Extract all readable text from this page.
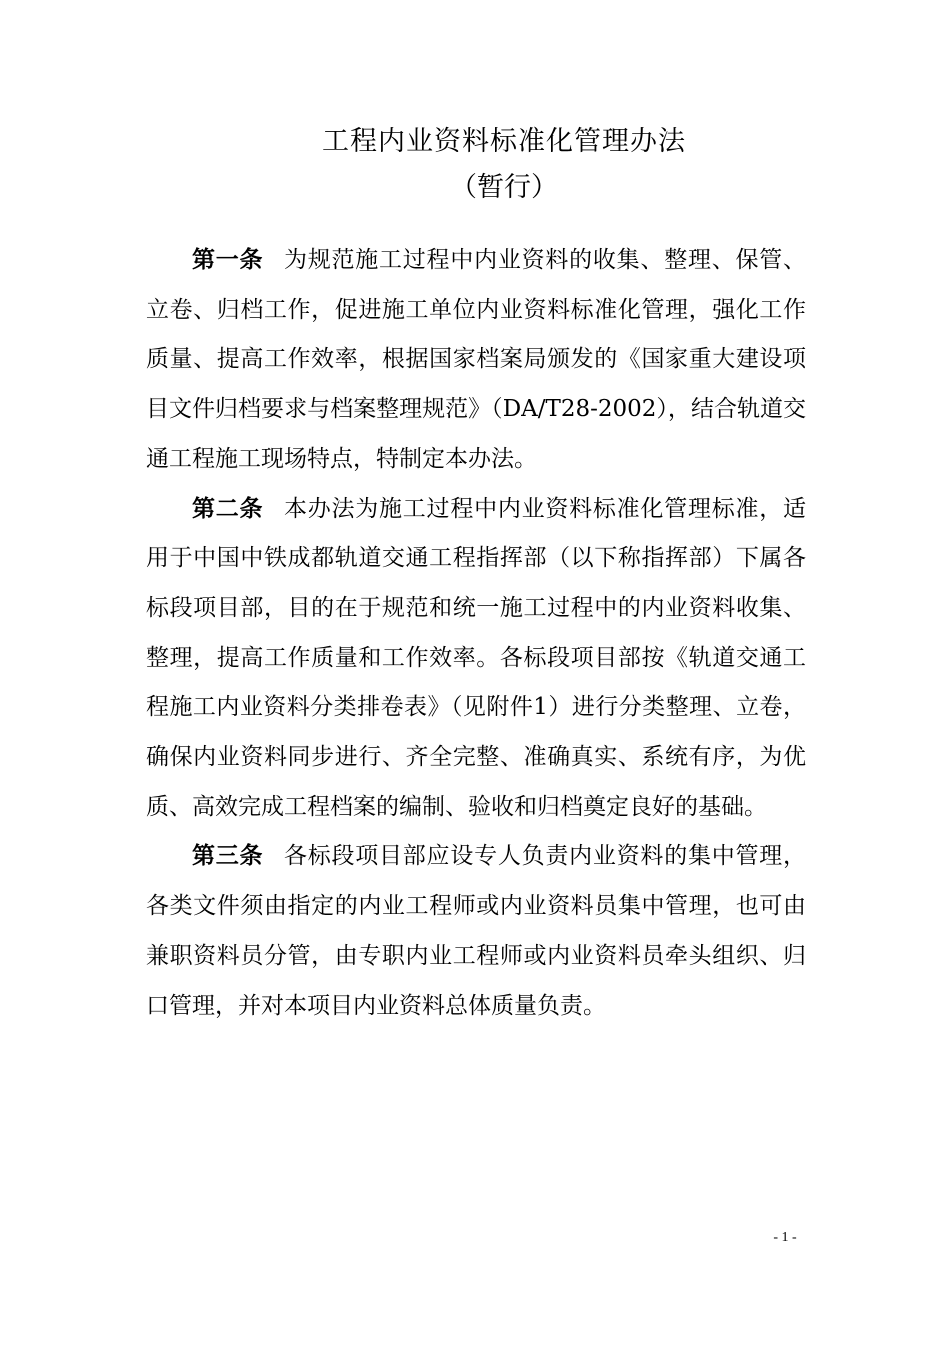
工程内业资料标准化管理办法
（暂行）

第一条 为规范施工过程中内业资料的收集、整理、保管、立卷、归档工作，促进施工单位内业资料标准化管理，强化工作质量、提高工作效率，根据国家档案局颁发的《国家重大建设项目文件归档要求与档案整理规范》（DA/T28-2002），结合轨道交通工程施工现场特点，特制定本办法。

第二条 本办法为施工过程中内业资料标准化管理标准，适用于中国中铁成都轨道交通工程指挥部（以下称指挥部）下属各标段项目部，目的在于规范和统一施工过程中的内业资料收集、整理，提高工作质量和工作效率。各标段项目部按《轨道交通工程施工内业资料分类排卷表》（见附件1）进行分类整理、立卷，确保内业资料同步进行、齐全完整、准确真实、系统有序，为优质、高效完成工程档案的编制、验收和归档奠定良好的基础。

第三条 各标段项目部应设专人负责内业资料的集中管理，各类文件须由指定的内业工程师或内业资料员集中管理，也可由兼职资料员分管，由专职内业工程师或内业资料员牵头组织、归口管理，并对本项目内业资料总体质量负责。

- 1 -
